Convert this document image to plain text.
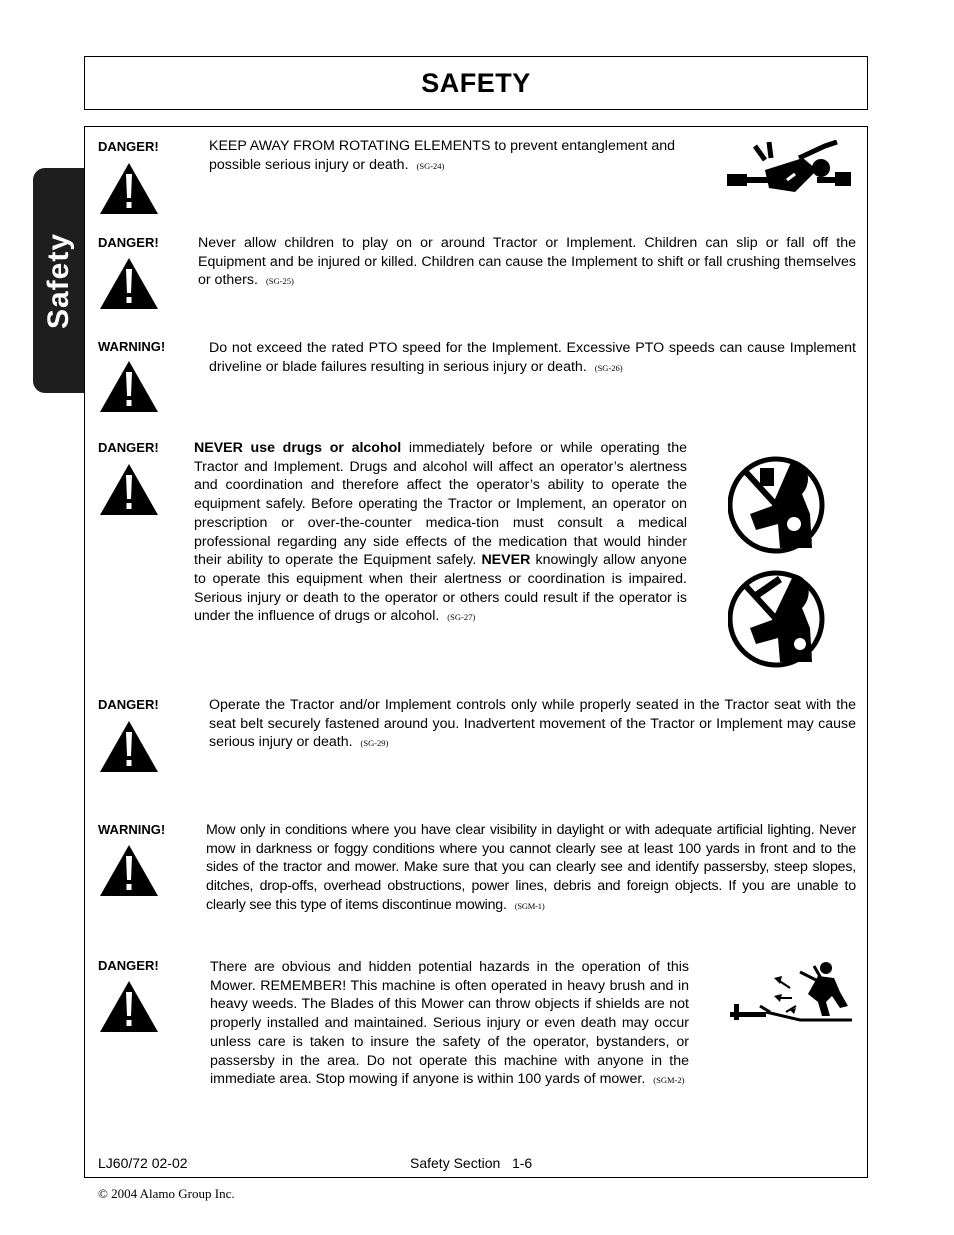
SAFETY
Safety
DANGER!	KEEP AWAY FROM ROTATING ELEMENTS to prevent entanglement and possible serious injury or death. (SG-24)
DANGER!	Never allow children to play on or around Tractor or Implement. Children can slip or fall off the Equipment and be injured or killed. Children can cause the Implement to shift or fall crushing themselves or others. (SG-25)
WARNING!	Do not exceed the rated PTO speed for the Implement. Excessive PTO speeds can cause Implement driveline or blade failures resulting in serious injury or death. (SG-26)
DANGER! NEVER use drugs or alcohol immediately before or while operating the Tractor and Implement. Drugs and alcohol will affect an operator’s alertness and coordination and therefore affect the operator’s ability to operate the equipment safely. Before operating the Tractor or Implement, an operator on prescription or over-the-counter medica-tion must consult a medical professional regarding any side effects of the medication that would hinder their ability to operate the Equipment safely. NEVER knowingly allow anyone to operate this equipment when their alertness or coordination is impaired. Serious injury or death to the operator or others could result if the operator is under the influence of drugs or alcohol. (SG-27)
DANGER!	Operate the Tractor and/or Implement controls only while properly seated in the Tractor seat with the seat belt securely fastened around you. Inadvertent movement of the Tractor or Implement may cause serious injury or death. (SG-29)
WARNING!	Mow only in conditions where you have clear visibility in daylight or with adequate artificial lighting. Never mow in darkness or foggy conditions where you cannot clearly see at least 100 yards in front and to the sides of the tractor and mower. Make sure that you can clearly see and identify passersby, steep slopes, ditches, drop-offs, overhead obstructions, power lines, debris and foreign objects. If you are unable to clearly see this type of items discontinue mowing. (SGM-1)
DANGER!	There are obvious and hidden potential hazards in the operation of this Mower. REMEMBER! This machine is often operated in heavy brush and in heavy weeds. The Blades of this Mower can throw objects if shields are not properly installed and maintained. Serious injury or even death may occur unless care is taken to insure the safety of the operator, bystanders, or passersby in the area. Do not operate this machine with anyone in the immediate area. Stop mowing if anyone is within 100 yards of mower. (SGM-2)
LJ60/72 02-02	Safety Section   1-6
© 2004 Alamo Group Inc.
